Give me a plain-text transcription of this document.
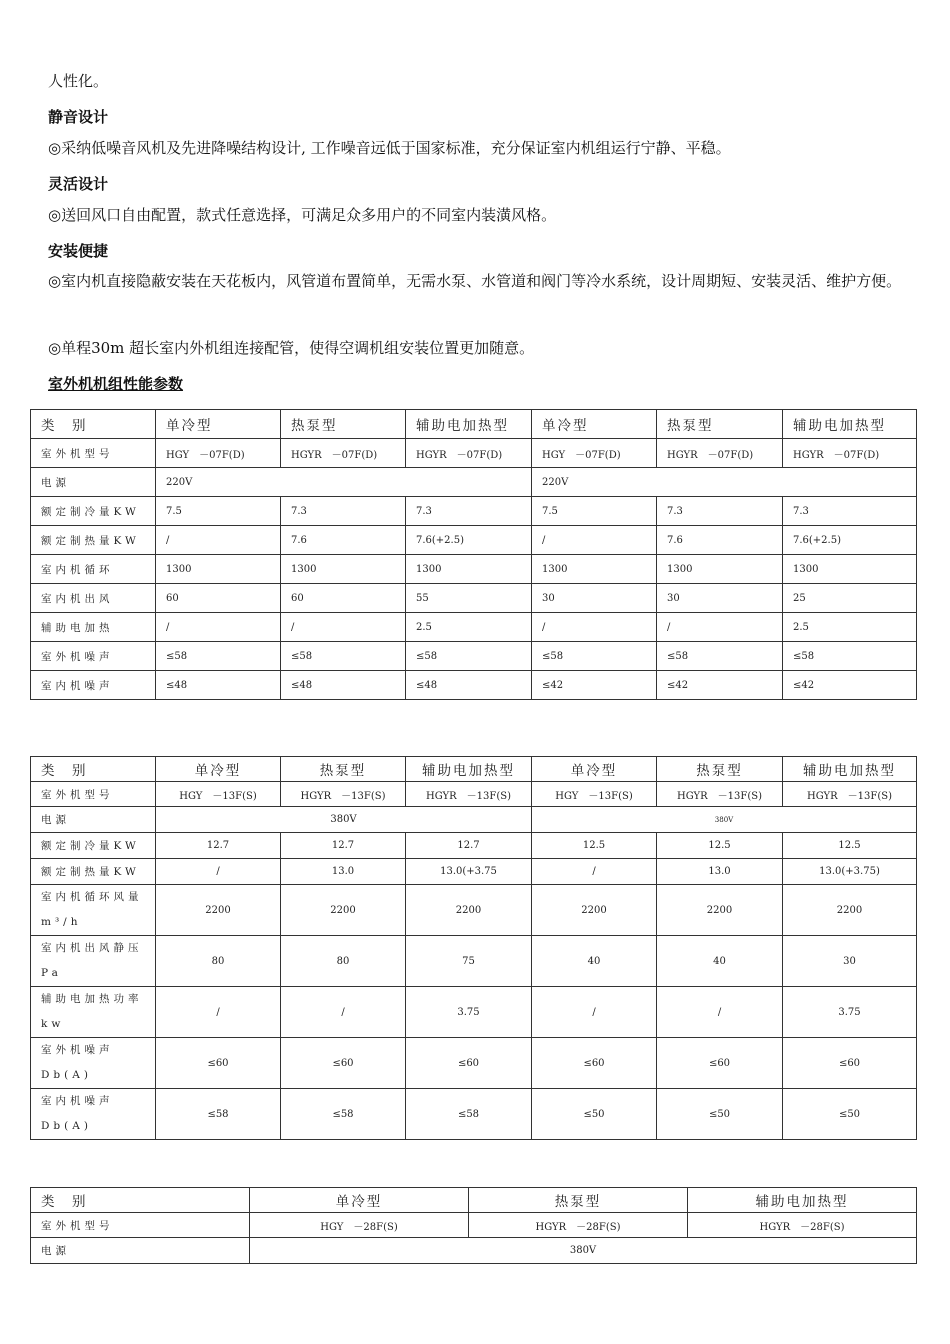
人性化。

静音设计

◎采纳低噪音风机及先进降噪结构设计, 工作噪音远低于国家标准，充分保证室内机组运行宁静、平稳。

灵活设计

◎送回风口自由配置，款式任意选择，可满足众多用户的不同室内装潢风格。

安装便捷

◎室内机直接隐蔽安装在天花板内，风管道布置简单，无需水泵、水管道和阀门等冷水系统，设计周期短、安装灵活、维护方便。

◎单程30m 超长室内外机组连接配管，使得空调机组安装位置更加随意。

室外机机组性能参数

类　别	单冷型	热泵型	辅助电加热型	单冷型	热泵型	辅助电加热型
室外机型号	HGY　－07F(D)	HGYR　－07F(D)	HGYR　－07F(D)	HGY　－07F(D)	HGYR　－07F(D)	HGYR　－07F(D)
电源	220V			220V		
额定制冷量KW	7.5	7.3	7.3	7.5	7.3	7.3
额定制热量KW	/	7.6	7.6(+2.5)	/	7.6	7.6(+2.5)
室内机循环	1300	1300	1300	1300	1300	1300
室内机出风	60	60	55	30	30	25
辅助电加热	/	/	2.5	/	/	2.5
室外机噪声	≤58	≤58	≤58	≤58	≤58	≤58
室内机噪声	≤48	≤48	≤48	≤42	≤42	≤42
类　别	单冷型	热泵型	辅助电加热型	单冷型	热泵型	辅助电加热型
室外机型号	HGY　－13F(S)	HGYR　－13F(S)	HGYR　－13F(S)	HGY　－13F(S)	HGYR　－13F(S)	HGYR　－13F(S)
电源	380V			380V		
额定制冷量KW	12.7	12.7	12.7	12.5	12.5	12.5
额定制热量KW	/	13.0	13.0(+3.75	/	13.0	13.0(+3.75)
室内机循环风量m³/h	2200	2200	2200	2200	2200	2200
室内机出风静压Pa	80	80	75	40	40	30
辅助电加热功率kw	/	/	3.75	/	/	3.75
室外机噪声Db(A)	≤60	≤60	≤60	≤60	≤60	≤60
室内机噪声Db(A)	≤58	≤58	≤58	≤50	≤50	≤50
类　别	单冷型	热泵型	辅助电加热型
室外机型号	HGY　－28F(S)	HGYR　－28F(S)	HGYR　－28F(S)
电源	380V		
